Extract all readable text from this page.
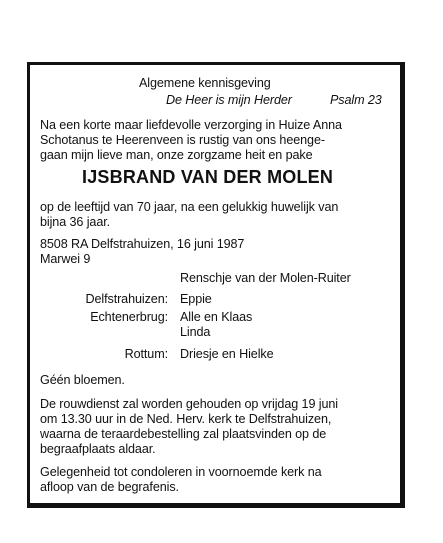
Algemene kennisgeving
De Heer is mijn Herder	Psalm 23
Na een korte maar liefdevolle verzorging in Huize Anna
Schotanus te Heerenveen is rustig van ons heenge-
gaan mijn lieve man, onze zorgzame heit en pake
IJSBRAND VAN DER MOLEN
op de leeftijd van 70 jaar, na een gelukkig huwelijk van
bijna 36 jaar.
8508 RA Delfstrahuizen, 16 juni 1987
Marwei 9
Renschje van der Molen-Ruiter
Delfstrahuizen: Eppie
Echtenerbrug: Alle en Klaas
Linda
Rottum: Driesje en Hielke
Géén bloemen.
De rouwdienst zal worden gehouden op vrijdag 19 juni
om 13.30 uur in de Ned. Herv. kerk te Delfstrahuizen,
waarna de teraardebestelling zal plaatsvinden op de
begraafplaats aldaar.
Gelegenheid tot condoleren in voornoemde kerk na
afloop van de begrafenis.
